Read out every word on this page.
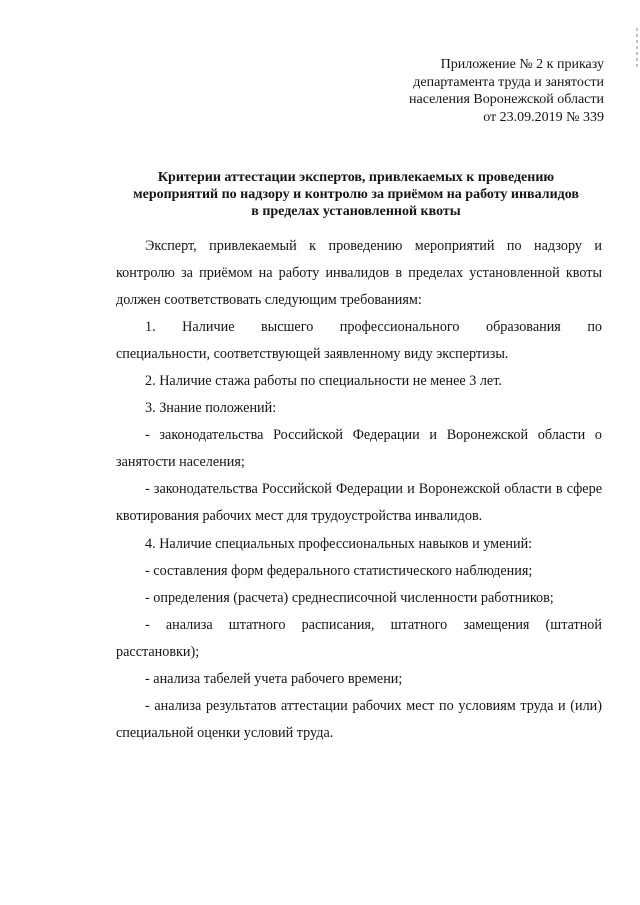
Приложение № 2 к приказу
департамента труда и занятости
населения Воронежской области
от 23.09.2019 № 339
Критерии аттестации экспертов, привлекаемых к проведению
мероприятий по надзору и контролю за приёмом на работу инвалидов
в пределах установленной квоты

Эксперт, привлекаемый к проведению мероприятий по надзору и контролю за приёмом на работу инвалидов в пределах установленной квоты должен соответствовать следующим требованиям:

1. Наличие высшего профессионального образования по

специальности, соответствующей заявленному виду экспертизы.

2. Наличие стажа работы по специальности не менее 3 лет.

3. Знание положений:

- законодательства Российской Федерации и Воронежской области о занятости населения;

- законодательства Российской Федерации и Воронежской области в сфере квотирования рабочих мест для трудоустройства инвалидов.

4. Наличие специальных профессиональных навыков и умений:

- составления форм федерального статистического наблюдения;

- определения (расчета) среднесписочной численности работников;

- анализа штатного расписания, штатного замещения (штатной расстановки);

- анализа табелей учета рабочего времени;

- анализа результатов аттестации рабочих мест по условиям труда и (или) специальной оценки условий труда.
